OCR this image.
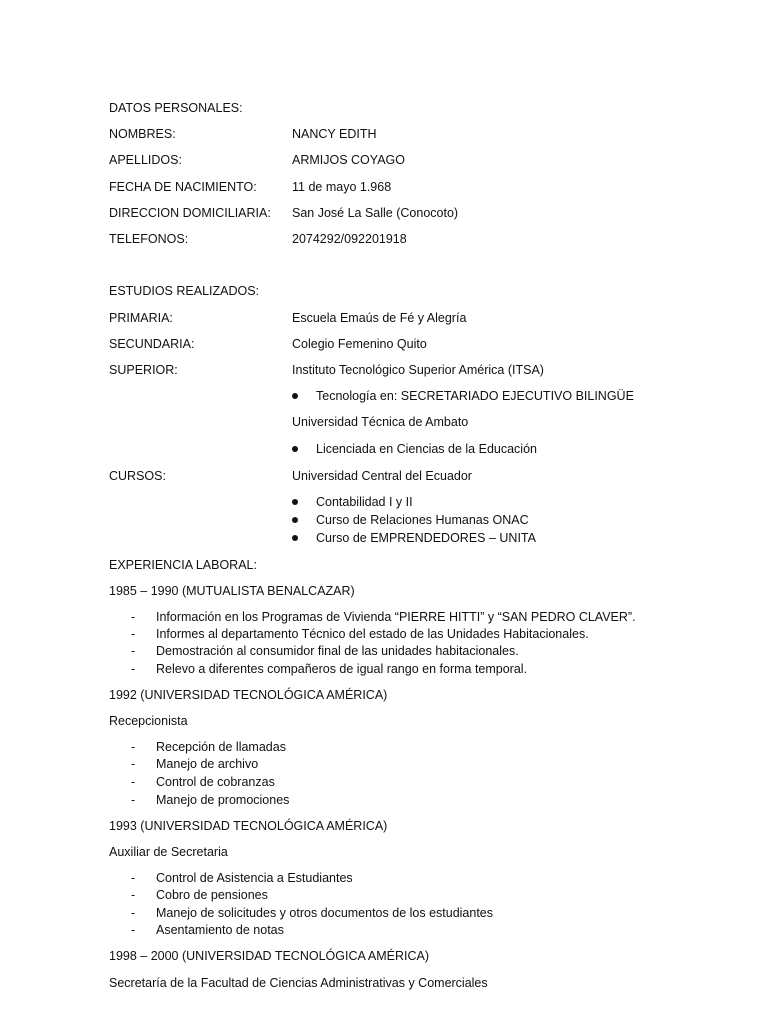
DATOS PERSONALES:
NOMBRES:	NANCY EDITH
APELLIDOS:	ARMIJOS COYAGO
FECHA DE NACIMIENTO:	11 de mayo 1.968
DIRECCION DOMICILIARIA: San José La Salle (Conocoto)
TELEFONOS:	2074292/092201918
ESTUDIOS REALIZADOS:
PRIMARIA:	Escuela Emaús de Fé y Alegría
SECUNDARIA:	Colegio Femenino Quito
SUPERIOR:	Instituto Tecnológico Superior América (ITSA)
Tecnología en: SECRETARIADO EJECUTIVO BILINGÜE
Universidad Técnica de Ambato
Licenciada en Ciencias de la Educación
CURSOS:	Universidad Central del Ecuador
Contabilidad I y II
Curso de Relaciones Humanas ONAC
Curso de EMPRENDEDORES – UNITA
EXPERIENCIA LABORAL:
1985 – 1990 (MUTUALISTA BENALCAZAR)
- Información en los Programas de Vivienda “PIERRE HITTI” y “SAN PEDRO CLAVER”.
- Informes al departamento Técnico del estado de las Unidades Habitacionales.
- Demostración al consumidor final de las unidades habitacionales.
- Relevo a diferentes compañeros de igual rango en forma temporal.
1992 (UNIVERSIDAD TECNOLÓGICA AMÉRICA)
Recepcionista
- Recepción de llamadas
- Manejo de archivo
- Control de cobranzas
- Manejo de promociones
1993 (UNIVERSIDAD TECNOLÓGICA AMÉRICA)
Auxiliar de Secretaria
- Control de Asistencia a Estudiantes
- Cobro de pensiones
- Manejo de solicitudes y otros documentos de los estudiantes
- Asentamiento de notas
1998 – 2000 (UNIVERSIDAD TECNOLÓGICA AMÉRICA)
Secretaría de la Facultad de Ciencias Administrativas y Comerciales
